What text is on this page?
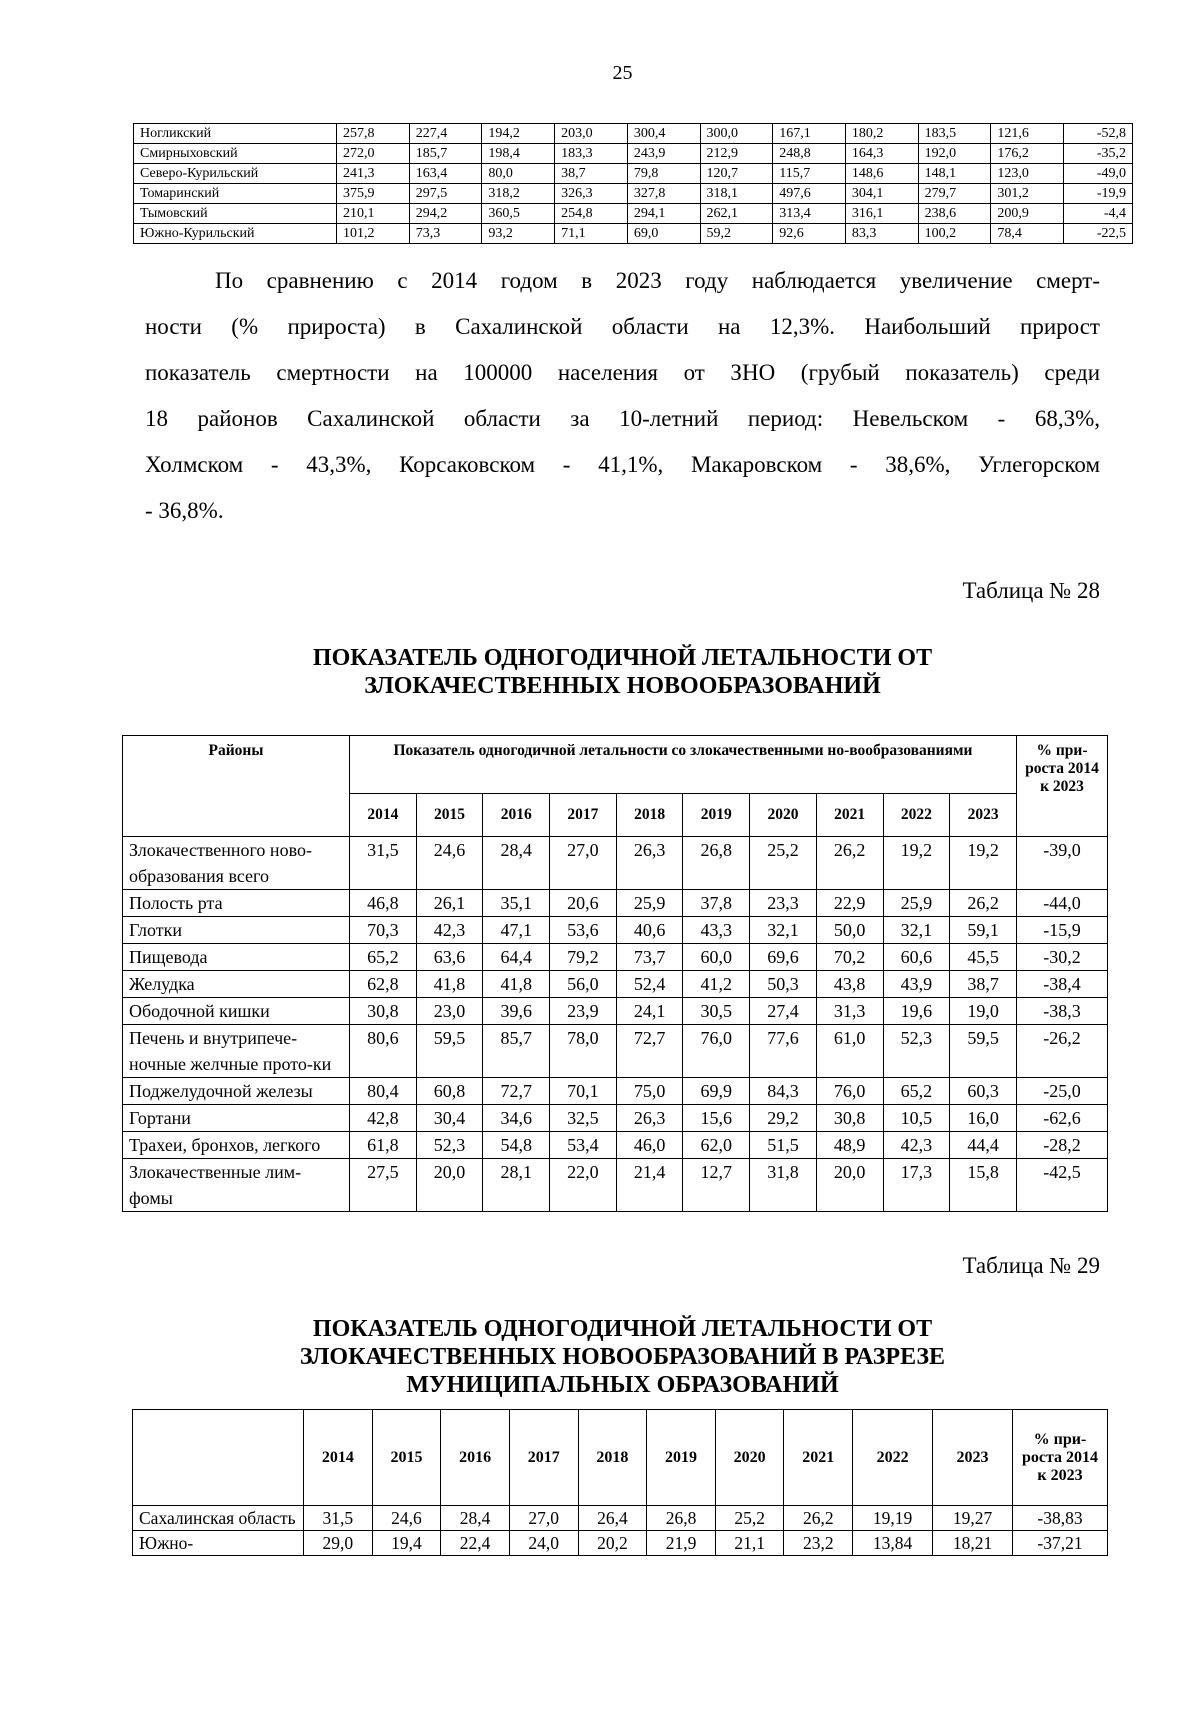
25
Ногликский	257,8	227,4	194,2	203,0	300,4	300,0	167,1	180,2	183,5	121,6	-52,8
Смирныховский	272,0	185,7	198,4	183,3	243,9	212,9	248,8	164,3	192,0	176,2	-35,2
Северо-Курильский	241,3	163,4	80,0	38,7	79,8	120,7	115,7	148,6	148,1	123,0	-49,0
Томаринский	375,9	297,5	318,2	326,3	327,8	318,1	497,6	304,1	279,7	301,2	-19,9
Тымовский	210,1	294,2	360,5	254,8	294,1	262,1	313,4	316,1	238,6	200,9	-4,4
Южно-Курильский	101,2	73,3	93,2	71,1	69,0	59,2	92,6	83,3	100,2	78,4	-22,5
По сравнению с 2014 годом в 2023 году наблюдается увеличение смерт-
ности (% прироста) в Сахалинской области на 12,3%. Наибольший прирост
показатель смертности на 100000 населения от ЗНО (грубый показатель) среди
18 районов Сахалинской области за 10-летний период: Невельском - 68,3%,
Холмском - 43,3%, Корсаковском - 41,1%, Макаровском - 38,6%, Углегорском
- 36,8%.
Таблица № 28
ПОКАЗАТЕЛЬ ОДНОГОДИЧНОЙ ЛЕТАЛЬНОСТИ ОТ
ЗЛОКАЧЕСТВЕННЫХ НОВООБРАЗОВАНИЙ
Районы	Показатель одногодичной летальности со злокачественными но-вообразованиями										% при-роста 2014 к 2023
	2014	2015	2016	2017	2018	2019	2020	2021	2022	2023	
Злокачественного ново-образования всего	31,5	24,6	28,4	27,0	26,3	26,8	25,2	26,2	19,2	19,2	-39,0
Полость рта	46,8	26,1	35,1	20,6	25,9	37,8	23,3	22,9	25,9	26,2	-44,0
Глотки	70,3	42,3	47,1	53,6	40,6	43,3	32,1	50,0	32,1	59,1	-15,9
Пищевода	65,2	63,6	64,4	79,2	73,7	60,0	69,6	70,2	60,6	45,5	-30,2
Желудка	62,8	41,8	41,8	56,0	52,4	41,2	50,3	43,8	43,9	38,7	-38,4
Ободочной кишки	30,8	23,0	39,6	23,9	24,1	30,5	27,4	31,3	19,6	19,0	-38,3
Печень и внутрипече-ночные желчные прото-ки	80,6	59,5	85,7	78,0	72,7	76,0	77,6	61,0	52,3	59,5	-26,2
Поджелудочной железы	80,4	60,8	72,7	70,1	75,0	69,9	84,3	76,0	65,2	60,3	-25,0
Гортани	42,8	30,4	34,6	32,5	26,3	15,6	29,2	30,8	10,5	16,0	-62,6
Трахеи, бронхов, легкого	61,8	52,3	54,8	53,4	46,0	62,0	51,5	48,9	42,3	44,4	-28,2
Злокачественные лим-фомы	27,5	20,0	28,1	22,0	21,4	12,7	31,8	20,0	17,3	15,8	-42,5
Таблица № 29
ПОКАЗАТЕЛЬ ОДНОГОДИЧНОЙ ЛЕТАЛЬНОСТИ ОТ
ЗЛОКАЧЕСТВЕННЫХ НОВООБРАЗОВАНИЙ В РАЗРЕЗЕ
МУНИЦИПАЛЬНЫХ ОБРАЗОВАНИЙ
	2014	2015	2016	2017	2018	2019	2020	2021	2022	2023	% при-роста 2014 к 2023
Сахалинская область	31,5	24,6	28,4	27,0	26,4	26,8	25,2	26,2	19,19	19,27	-38,83
Южно-	29,0	19,4	22,4	24,0	20,2	21,9	21,1	23,2	13,84	18,21	-37,21
